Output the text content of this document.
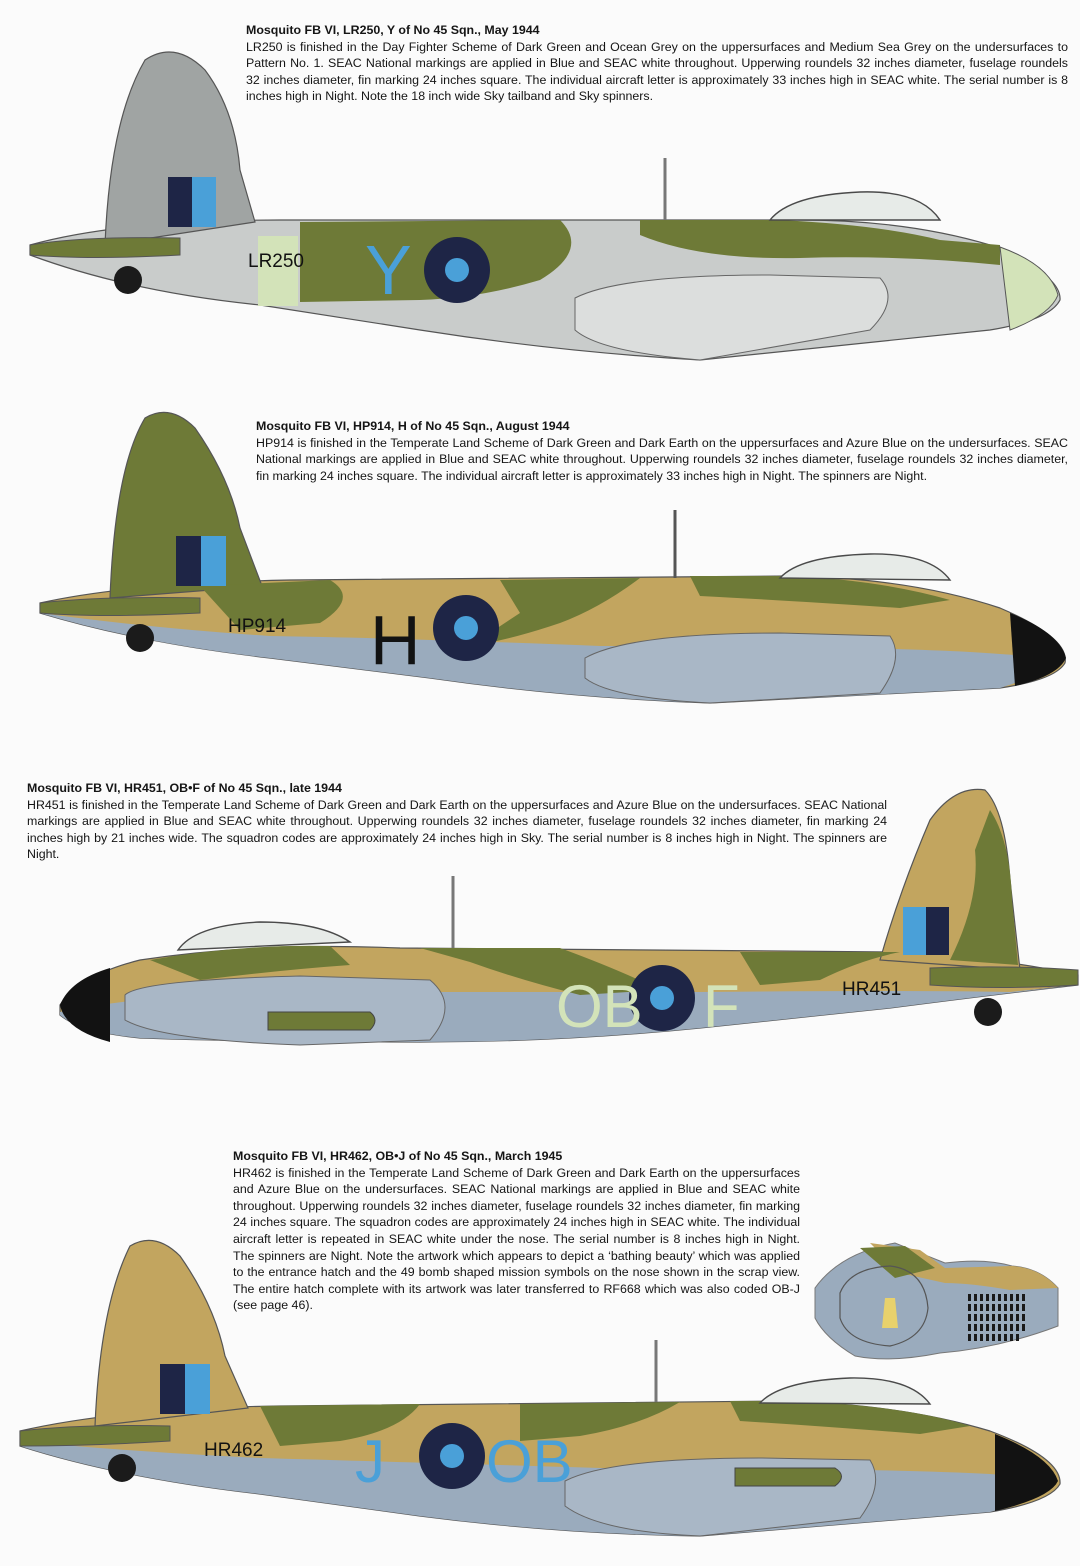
Mosquito FB VI, LR250, Y of No 45 Sqn., May 1944
LR250 is finished in the Day Fighter Scheme of Dark Green and Ocean Grey on the uppersurfaces and Medium Sea Grey on the undersurfaces to Pattern No. 1. SEAC National markings are applied in Blue and SEAC white throughout. Upperwing roundels 32 inches diameter, fuselage roundels 32 inches diameter, fin marking 24 inches square. The individual aircraft letter is approximately 33 inches high in SEAC white. The serial number is 8 inches high in Night. Note the 18 inch wide Sky tailband and Sky spinners.
Mosquito FB VI, HP914, H of No 45 Sqn., August 1944
HP914 is finished in the Temperate Land Scheme of Dark Green and Dark Earth on the uppersurfaces and Azure Blue on the undersurfaces. SEAC National markings are applied in Blue and SEAC white throughout. Upperwing roundels 32 inches diameter, fuselage roundels 32 inches diameter, fin marking 24 inches square. The individual aircraft letter is approximately 33 inches high in Night. The spinners are Night.
Mosquito FB VI, HR451, OB•F of No 45 Sqn., late 1944
HR451 is finished in the Temperate Land Scheme of Dark Green and Dark Earth on the uppersurfaces and Azure Blue on the undersurfaces. SEAC National markings are applied in Blue and SEAC white throughout. Upperwing roundels 32 inches diameter, fuselage roundels 32 inches diameter, fin marking 24 inches high by 21 inches wide. The squadron codes are approximately 24 inches high in Sky. The serial number is 8 inches high in Night. The spinners are Night.
Mosquito FB VI, HR462, OB•J of No 45 Sqn., March 1945
HR462 is finished in the Temperate Land Scheme of Dark Green and Dark Earth on the uppersurfaces and Azure Blue on the undersurfaces. SEAC National markings are applied in Blue and SEAC white throughout. Upperwing roundels 32 inches diameter, fuselage roundels 32 inches diameter, fin marking 24 inches square. The squadron codes are approximately 24 inches high in SEAC white. The individual aircraft letter is repeated in SEAC white under the nose. The serial number is 8 inches high in Night. The spinners are Night. Note the artwork which appears to depict a ‘bathing beauty’ which was applied to the entrance hatch and the 49 bomb shaped mission symbols on the nose shown in the scrap view. The entire hatch complete with its artwork was later transferred to RF668 which was also coded OB-J (see page 46).
LR250 Y
HP914 H
OB F	HR451
HR462 J OB
